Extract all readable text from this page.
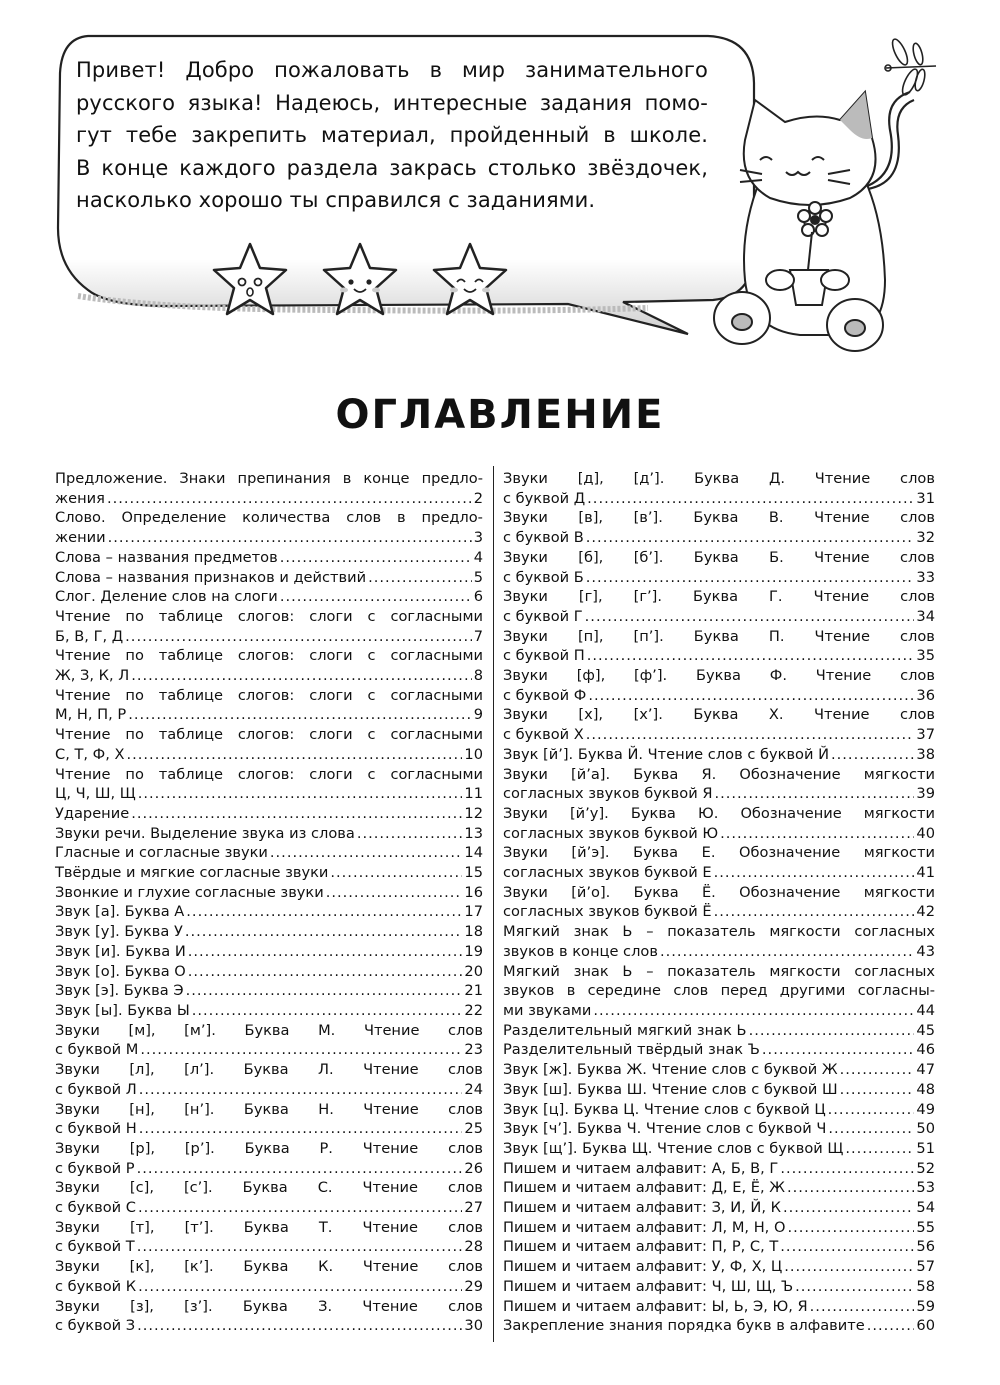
Привет! Добро пожаловать в мир занимательного
русского языка! Надеюсь, интересные задания помо-
гут тебе закрепить материал, пройденный в школе.
В конце каждого раздела закрась столько звёздочек,
насколько хорошо ты справился с заданиями.
ОГЛАВЛЕНИЕ
Предложение. Знаки препинания в конце предло-
жения .....	2
Слово. Определение количества слов в предло-
жении .....	3
Слова – названия предметов .....	4
Слова – названия признаков и действий .....	5
Слог. Деление слов на слоги .....	6
Чтение по таблице слогов: слоги с согласными
Б, В, Г, Д .....	7
Чтение по таблице слогов: слоги с согласными
Ж, З, К, Л .....	8
Чтение по таблице слогов: слоги с согласными
М, Н, П, Р .....	9
Чтение по таблице слогов: слоги с согласными
С, Т, Ф, Х .....	10
Чтение по таблице слогов: слоги с согласными
Ц, Ч, Ш, Щ .....	11
Ударение .....	12
Звуки речи. Выделение звука из слова .....	13
Гласные и согласные звуки .....	14
Твёрдые и мягкие согласные звуки .....	15
Звонкие и глухие согласные звуки .....	16
Звук [а]. Буква А .....	17
Звук [у]. Буква У .....	18
Звук [и]. Буква И .....	19
Звук [о]. Буква О .....	20
Звук [э]. Буква Э .....	21
Звук [ы]. Буква Ы .....	22
Звуки [м], [м’]. Буква М. Чтение слов
с буквой М .....	23
Звуки [л], [л’]. Буква Л. Чтение слов
с буквой Л .....	24
Звуки [н], [н’]. Буква Н. Чтение слов
с буквой Н .....	25
Звуки [р], [р’]. Буква Р. Чтение слов
с буквой Р .....	26
Звуки [с], [с’]. Буква С. Чтение слов
с буквой С .....	27
Звуки [т], [т’]. Буква Т. Чтение слов
с буквой Т .....	28
Звуки [к], [к’]. Буква К. Чтение слов
с буквой К .....	29
Звуки [з], [з’]. Буква З. Чтение слов
с буквой З .....	30
Звуки [д], [д’]. Буква Д. Чтение слов
с буквой Д .....	31
Звуки [в], [в’]. Буква В. Чтение слов
с буквой В .....	32
Звуки [б], [б’]. Буква Б. Чтение слов
с буквой Б .....	33
Звуки [г], [г’]. Буква Г. Чтение слов
с буквой Г .....	34
Звуки [п], [п’]. Буква П. Чтение слов
с буквой П .....	35
Звуки [ф], [ф’]. Буква Ф. Чтение слов
с буквой Ф .....	36
Звуки [х], [х’]. Буква Х. Чтение слов
с буквой Х .....	37
Звук [й’]. Буква Й. Чтение слов с буквой Й .....	38
Звуки [й’а]. Буква Я. Обозначение мягкости
согласных звуков буквой Я .....	39
Звуки [й’у]. Буква Ю. Обозначение мягкости
согласных звуков буквой Ю .....	40
Звуки [й’э]. Буква Е. Обозначение мягкости
согласных звуков буквой Е .....	41
Звуки [й’о]. Буква Ё. Обозначение мягкости
согласных звуков буквой Ё .....	42
Мягкий знак Ь – показатель мягкости согласных
звуков в конце слов .....	43
Мягкий знак Ь – показатель мягкости согласных
звуков в середине слов перед другими согласны-
ми звуками .....	44
Разделительный мягкий знак Ь .....	45
Разделительный твёрдый знак Ъ .....	46
Звук [ж]. Буква Ж. Чтение слов с буквой Ж .....	47
Звук [ш]. Буква Ш. Чтение слов с буквой Ш .....	48
Звук [ц]. Буква Ц. Чтение слов с буквой Ц .....	49
Звук [ч’]. Буква Ч. Чтение слов с буквой Ч .....	50
Звук [щ’]. Буква Щ. Чтение слов с буквой Щ .....	51
Пишем и читаем алфавит: А, Б, В, Г .....	52
Пишем и читаем алфавит: Д, Е, Ё, Ж .....	53
Пишем и читаем алфавит: З, И, Й, К .....	54
Пишем и читаем алфавит: Л, М, Н, О .....	55
Пишем и читаем алфавит: П, Р, С, Т .....	56
Пишем и читаем алфавит: У, Ф, Х, Ц .....	57
Пишем и читаем алфавит: Ч, Ш, Щ, Ъ .....	58
Пишем и читаем алфавит: Ы, Ь, Э, Ю, Я .....	59
Закрепление знания порядка букв в алфавите .....	60
